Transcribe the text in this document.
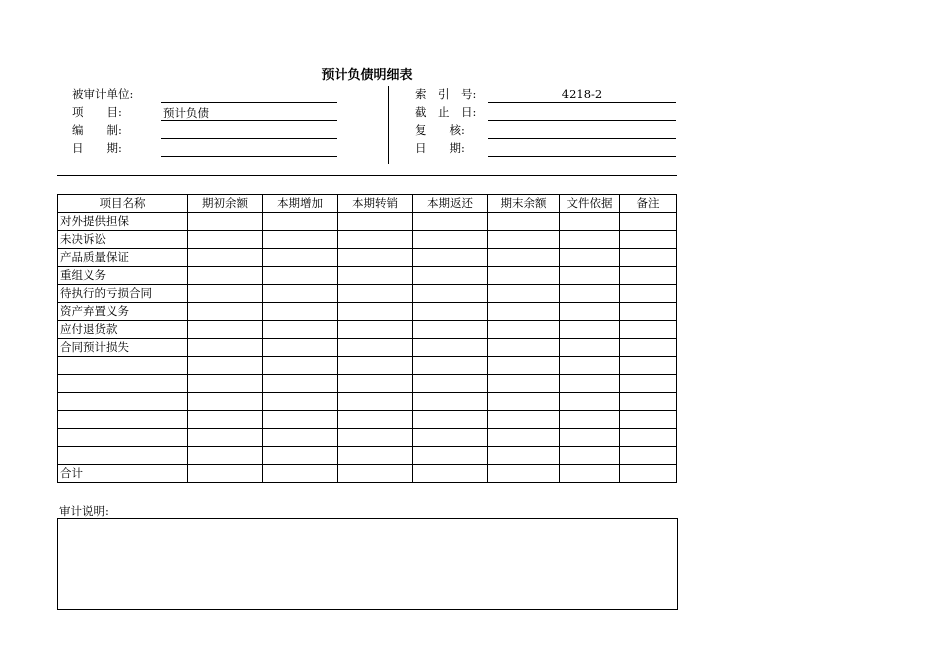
预计负债明细表
被审计单位:
项　　目:	预计负债
编　　制:
日　　期:
索　引　号:	4218-2
截　止　日:
复　　核:
日　　期:
项目名称	期初余额	本期增加	本期转销	本期返还	期末余额	文件依据	备注
对外提供担保							
未决诉讼							
产品质量保证							
重组义务							
待执行的亏损合同							
资产弃置义务							
应付退货款							
合同预计损失							

合计							
审计说明:
